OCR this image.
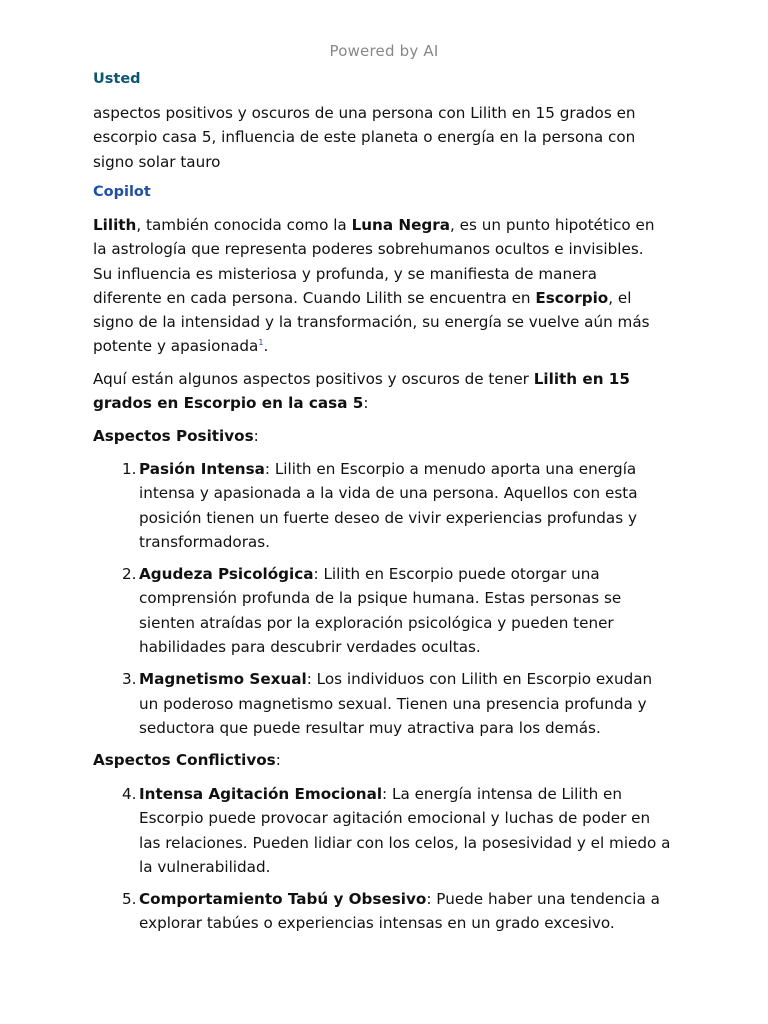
Powered by AI
Usted

aspectos positivos y oscuros de una persona con Lilith en 15 grados en escorpio casa 5, influencia de este planeta o energía en la persona con signo solar tauro

Copilot

Lilith, también conocida como la Luna Negra, es un punto hipotético en la astrología que representa poderes sobrehumanos ocultos e invisibles. Su influencia es misteriosa y profunda, y se manifiesta de manera diferente en cada persona. Cuando Lilith se encuentra en Escorpio, el signo de la intensidad y la transformación, su energía se vuelve aún más potente y apasionada$^1$.

Aquí están algunos aspectos positivos y oscuros de tener Lilith en 15 grados en Escorpio en la casa 5:

Aspectos Positivos:

1. Pasión Intensa: Lilith en Escorpio a menudo aporta una energía intensa y apasionada a la vida de una persona. Aquellos con esta posición tienen un fuerte deseo de vivir experiencias profundas y transformadoras.
2. Agudeza Psicológica: Lilith en Escorpio puede otorgar una comprensión profunda de la psique humana. Estas personas se sienten atraídas por la exploración psicológica y pueden tener habilidades para descubrir verdades ocultas.
3. Magnetismo Sexual: Los individuos con Lilith en Escorpio exudan un poderoso magnetismo sexual. Tienen una presencia profunda y seductora que puede resultar muy atractiva para los demás.

Aspectos Conflictivos:

4. Intensa Agitación Emocional: La energía intensa de Lilith en Escorpio puede provocar agitación emocional y luchas de poder en las relaciones. Pueden lidiar con los celos, la posesividad y el miedo a la vulnerabilidad.
5. Comportamiento Tabú y Obsesivo: Puede haber una tendencia a explorar tabúes o experiencias intensas en un grado excesivo.
